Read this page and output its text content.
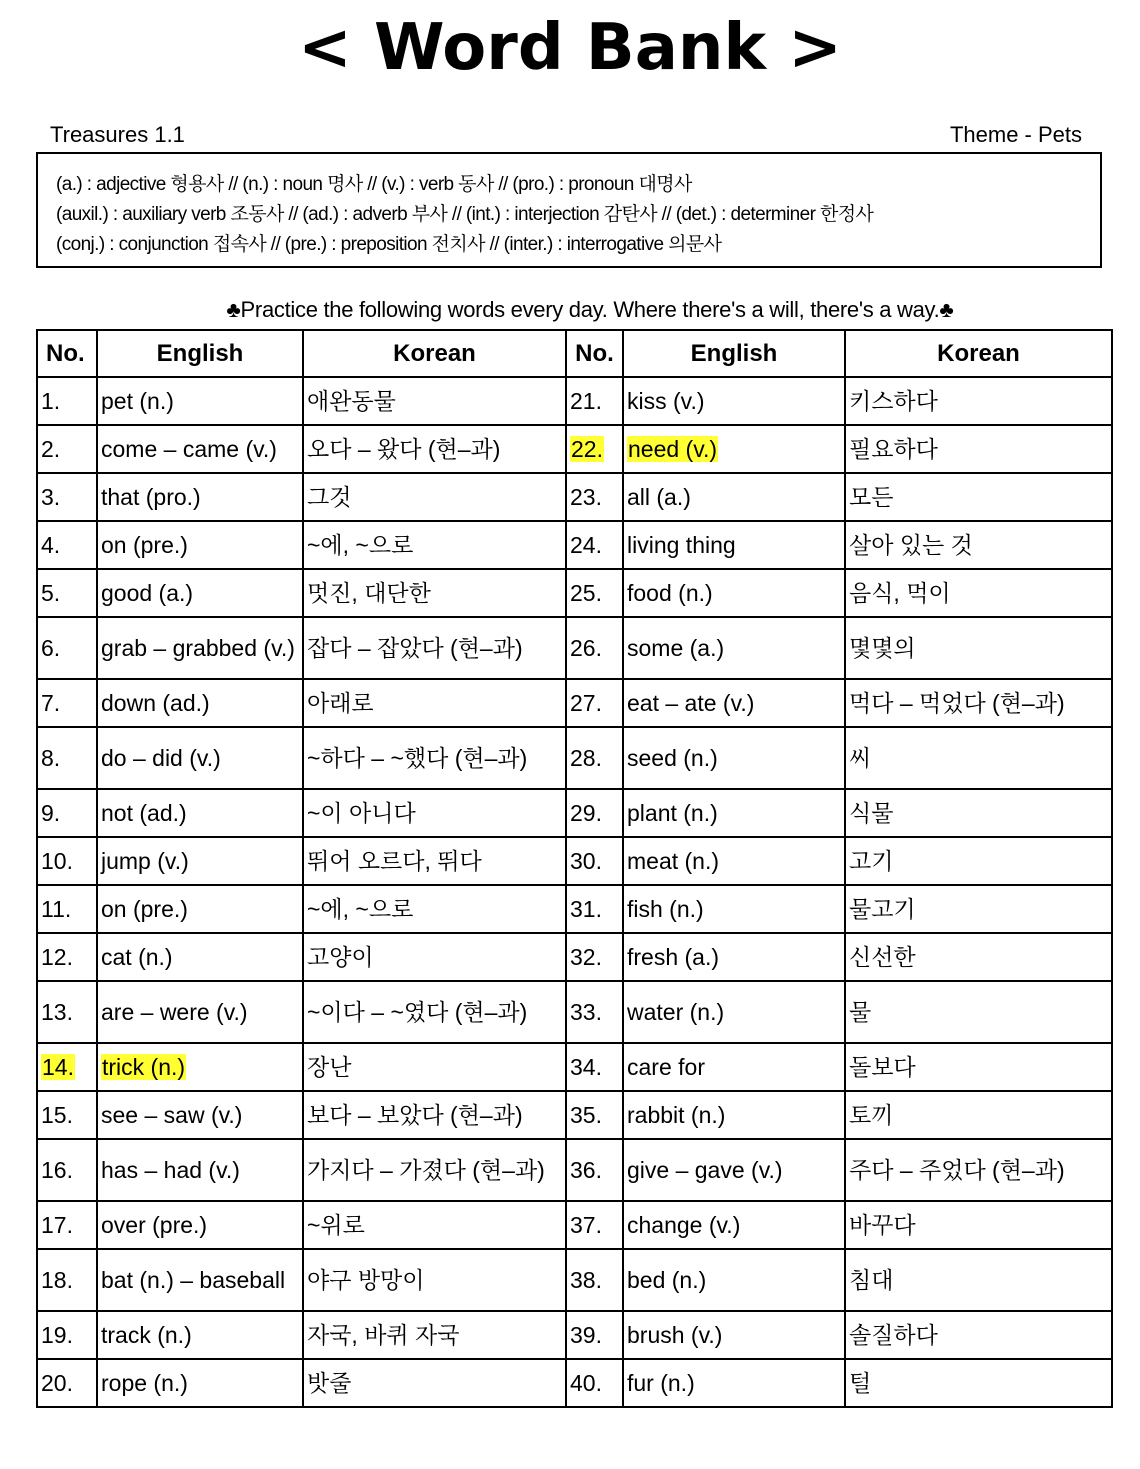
< Word Bank >
Treasures 1.1	Theme - Pets
(a.) : adjective 형용사 // (n.) : noun 명사 // (v.) : verb 동사 // (pro.) : pronoun 대명사
(auxil.) : auxiliary verb 조동사 // (ad.) : adverb 부사 // (int.) : interjection 감탄사 // (det.) : determiner 한정사
(conj.) : conjunction 접속사 // (pre.) : preposition 전치사 // (inter.) : interrogative 의문사
♣Practice the following words every day. Where there's a will, there's a way.♣
No.	English	Korean	No.	English	Korean
1.	pet (n.)	애완동물	21.	kiss (v.)	키스하다
2.	come – came (v.)	오다 – 왔다 (현–과)	22.	need (v.)	필요하다
3.	that (pro.)	그것	23.	all (a.)	모든
4.	on (pre.)	~에, ~으로	24.	living thing	살아 있는 것
5.	good (a.)	멋진, 대단한	25.	food (n.)	음식, 먹이
6.	grab – grabbed (v.)	잡다 – 잡았다 (현–과)	26.	some (a.)	몇몇의
7.	down (ad.)	아래로	27.	eat – ate (v.)	먹다 – 먹었다 (현–과)
8.	do – did (v.)	~하다 – ~했다 (현–과)	28.	seed (n.)	씨
9.	not (ad.)	~이 아니다	29.	plant (n.)	식물
10.	jump (v.)	뛰어 오르다, 뛰다	30.	meat (n.)	고기
11.	on (pre.)	~에, ~으로	31.	fish (n.)	물고기
12.	cat (n.)	고양이	32.	fresh (a.)	신선한
13.	are – were (v.)	~이다 – ~였다 (현–과)	33.	water (n.)	물
14.	trick (n.)	장난	34.	care for	돌보다
15.	see – saw (v.)	보다 – 보았다 (현–과)	35.	rabbit (n.)	토끼
16.	has – had (v.)	가지다 – 가졌다 (현–과)	36.	give – gave (v.)	주다 – 주었다 (현–과)
17.	over (pre.)	~위로	37.	change (v.)	바꾸다
18.	bat (n.) – baseball	야구 방망이	38.	bed (n.)	침대
19.	track (n.)	자국, 바퀴 자국	39.	brush (v.)	솔질하다
20.	rope (n.)	밧줄	40.	fur (n.)	털
